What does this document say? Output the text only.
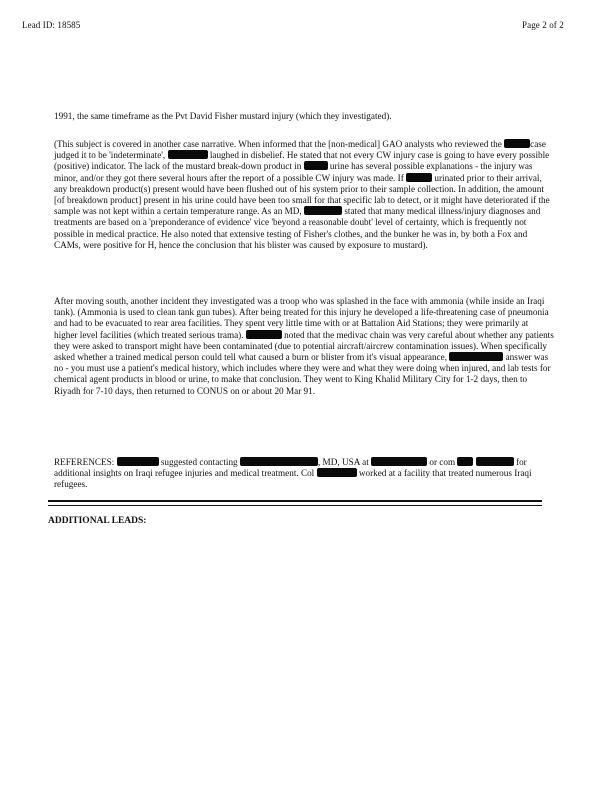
Lead ID: 18585	Page 2 of 2
1991, the same timeframe as the Pvt David Fisher mustard injury (which they investigated).
(This subject is covered in another case narrative. When informed that the [non-medical] GAO analysts who reviewed the	case judged it to be 'indeterminate',	laughed in disbelief. He stated that not every CW injury case is going to have every possible (positive) indicator. The lack of the mustard break-down product in	urine has several possible explanations - the injury was minor, and/or they got there several hours after the report of a possible CW injury was made. If	urinated prior to their arrival, any breakdown product(s) present would have been flushed out of his system prior to their sample collection. In addition, the amount [of breakdown product] present in his urine could have been too small for that specific lab to detect, or it might have deteriorated if the sample was not kept within a certain temperature range. As an MD,	stated that many medical illness/injury diagnoses and treatments are based on a 'preponderance of evidence' vice 'beyond a reasonable doubt' level of certainty, which is frequently not possible in medical practice. He also noted that extensive testing of Fisher's clothes, and the bunker he was in, by both a Fox and CAMs, were positive for H, hence the conclusion that his blister was caused by exposure to mustard).
After moving south, another incident they investigated was a troop who was splashed in the face with ammonia (while inside an Iraqi tank). (Ammonia is used to clean tank gun tubes). After being treated for this injury he developed a life-threatening case of pneumonia and had to be evacuated to rear area facilities. They spent very little time with or at Battalion Aid Stations; they were primarily at higher level facilities (which treated serious trama).	noted that the medivac chain was very careful about whether any patients they were asked to transport might have been contaminated (due to potential aircraft/aircrew contamination issues). When specifically asked whether a trained medical person could tell what caused a burn or blister from it's visual appearance,	answer was no - you must use a patient's medical history, which includes where they were and what they were doing when injured, and lab tests for chemical agent products in blood or urine, to make that conclusion. They went to King Khalid Military City for 1-2 days, then to Riyadh for 7-10 days, then returned to CONUS on or about 20 Mar 91.
REFERENCES:	suggested contacting	, MD, USA at	or com	for additional insights on Iraqi refugee injuries and medical treatment. Col	worked at a facility that treated numerous Iraqi refugees.
ADDITIONAL LEADS:
